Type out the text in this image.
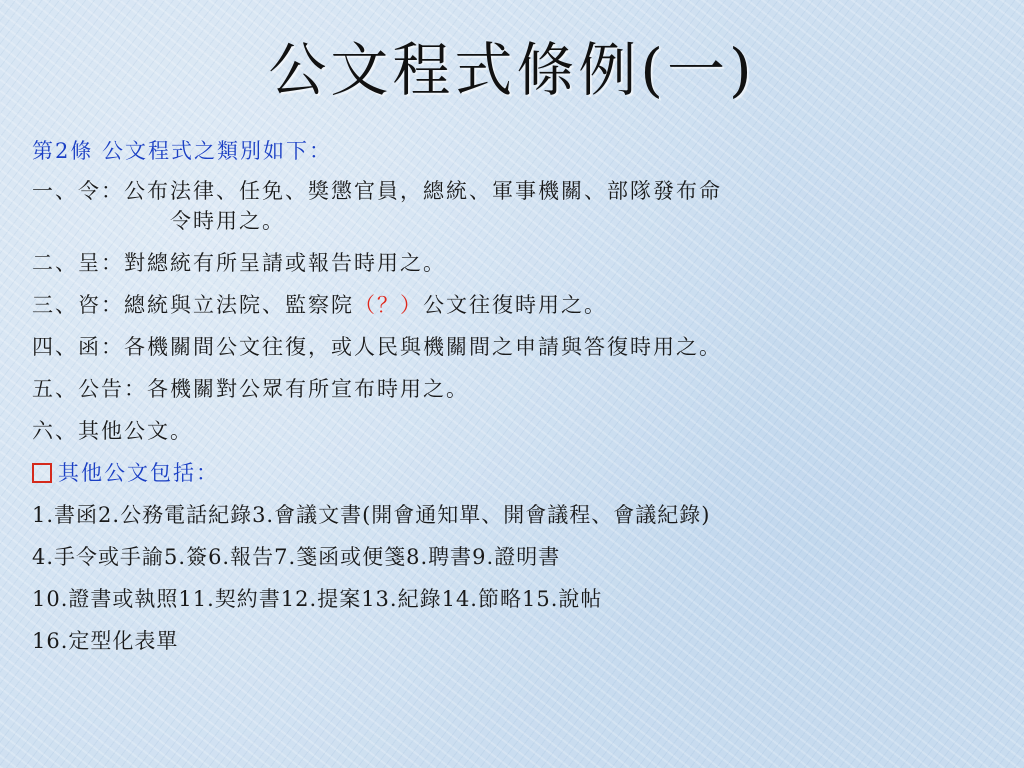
公文程式條例(一)
第2條 公文程式之類別如下：
一、令：公布法律、任免、獎懲官員，總統、軍事機關、部隊發布命
令時用之。
二、呈：對總統有所呈請或報告時用之。
三、咨：總統與立法院、監察院（？）公文往復時用之。
四、函：各機關間公文往復，或人民與機關間之申請與答復時用之。
五、公告：各機關對公眾有所宣布時用之。
六、其他公文。
其他公文包括：
1.書函2.公務電話紀錄3.會議文書(開會通知單、開會議程、會議紀錄)
4.手令或手諭5.簽6.報告7.箋函或便箋8.聘書9.證明書
10.證書或執照11.契約書12.提案13.紀錄14.節略15.說帖
16.定型化表單
